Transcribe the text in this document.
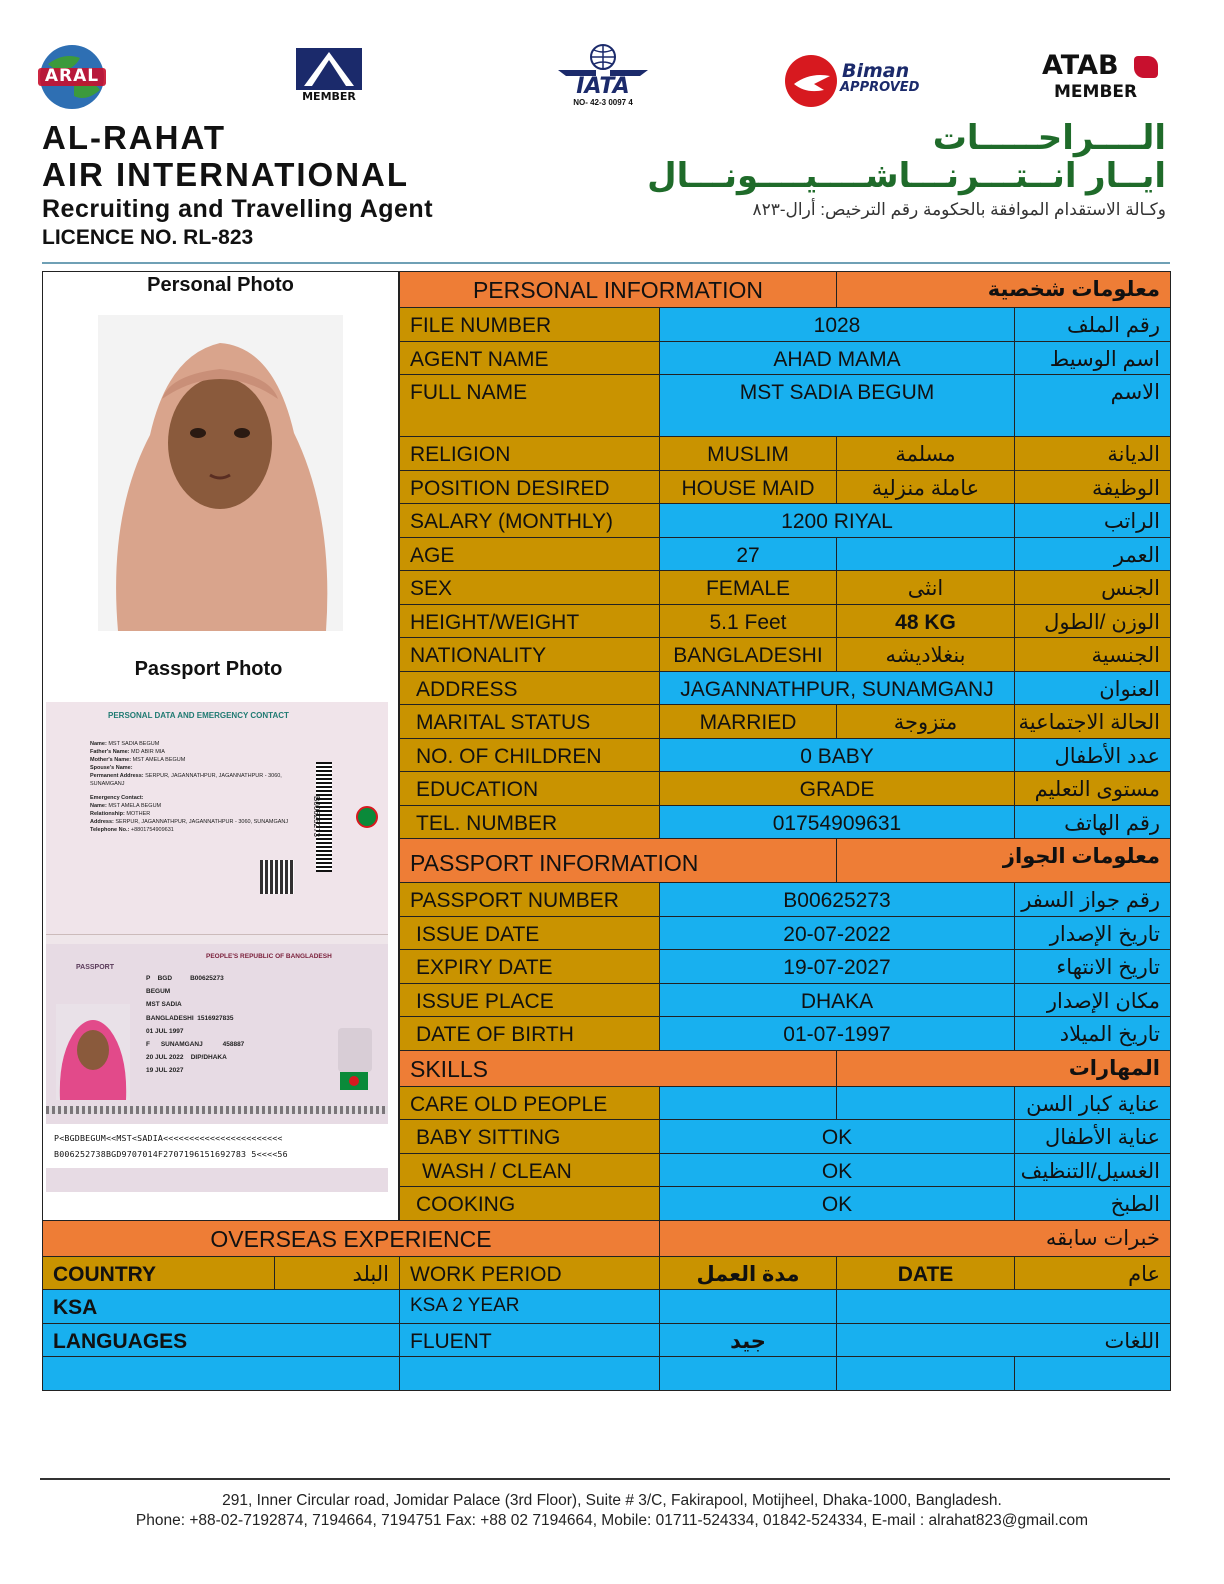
ARAL
MEMBER	IATA
NO- 42-3 0097 4
Biman
APPROVED
ATAB
MEMBER
AL-RAHAT
AIR INTERNATIONAL
Recruiting and Travelling Agent
LICENCE NO. RL-823
الــــراحـــــات
ايــار انــتـــرنـــاشــــيــــونـــال
وكـالة الاستقدام الموافقة بالحكومة رقم الترخيص: أرال-٨٢٣
Personal Photo
Passport Photo
PERSONAL DATA AND EMERGENCY CONTACT
Name: MST SADIA BEGUM
Father's Name: MD ABIR MIA
Mother's Name: MST AMELA BEGUM
Spouse's Name:
Permanent Address: SERPUR, JAGANNATHPUR, JAGANNATHPUR - 3060, SUNAMGANJ
Emergency Contact:
Name: MST AMELA BEGUM
Relationship: MOTHER
Address: SERPUR, JAGANNATHPUR, JAGANNATHPUR - 3060, SUNAMGANJ
Telephone No.: +8801754909631	B00625273
PEOPLE'S REPUBLIC OF BANGLADESH
PASSPORT
P BGD	B00625273
BEGUM
MST SADIA
BANGLADESHI 1516927835
01 JUL 1997
F SUNAMGANJ	458887
20 JUL 2022 DIP/DHAKA
19 JUL 2027
P<BGDBEGUM<<MST<SADIA<<<<<<<<<<<<<<<<<<<<<<<
B006252738BGD9707014F2707196151692783 5<<<<56
PERSONAL INFORMATION	معلومات شخصية
FILE NUMBER	1028	رقم الملف
AGENT NAME	AHAD MAMA	اسم الوسيط
FULL NAME	MST SADIA BEGUM	الاسم
RELIGION	MUSLIM	مسلمة	الديانة
POSITION DESIRED	HOUSE MAID	عاملة منزلية	الوظيفة
SALARY (MONTHLY)	1200 RIYAL	الراتب
AGE	27	العمر
SEX	FEMALE	انثى	الجنس
HEIGHT/WEIGHT	5.1 Feet	48 KG	الوزن /الطول
NATIONALITY	BANGLADESHI	بنغلاديشه	الجنسية
ADDRESS	JAGANNATHPUR, SUNAMGANJ	العنوان
MARITAL STATUS	MARRIED	متزوجة	الحالة الاجتماعية
NO. OF CHILDREN	0 BABY	عدد الأطفال
EDUCATION	GRADE	مستوى التعليم
TEL. NUMBER	01754909631	رقم الهاتف
PASSPORT INFORMATION	معلومات الجواز
PASSPORT NUMBER	B00625273	رقم جواز السفر
ISSUE DATE	20-07-2022	تاريخ الإصدار
EXPIRY DATE	19-07-2027	تاريخ الانتهاء
ISSUE PLACE	DHAKA	مكان الإصدار
DATE OF BIRTH	01-07-1997	تاريخ الميلاد
SKILLS	المهارات
CARE OLD PEOPLE	عناية كبار السن
BABY SITTING	OK	عناية الأطفال
WASH / CLEAN	OK	الغسيل/التنظيف
COOKING	OK	الطبخ
OVERSEAS EXPERIENCE	خبرات سابقه
COUNTRY	البلد	WORK PERIOD	مدة العمل	DATE	عام
KSA	KSA 2 YEAR
LANGUAGES	FLUENT	جيد	اللغات
291, Inner Circular road, Jomidar Palace (3rd Floor), Suite # 3/C, Fakirapool, Motijheel, Dhaka-1000, Bangladesh.
Phone: +88-02-7192874, 7194664, 7194751 Fax: +88 02 7194664, Mobile: 01711-524334, 01842-524334, E-mail : alrahat823@gmail.com
